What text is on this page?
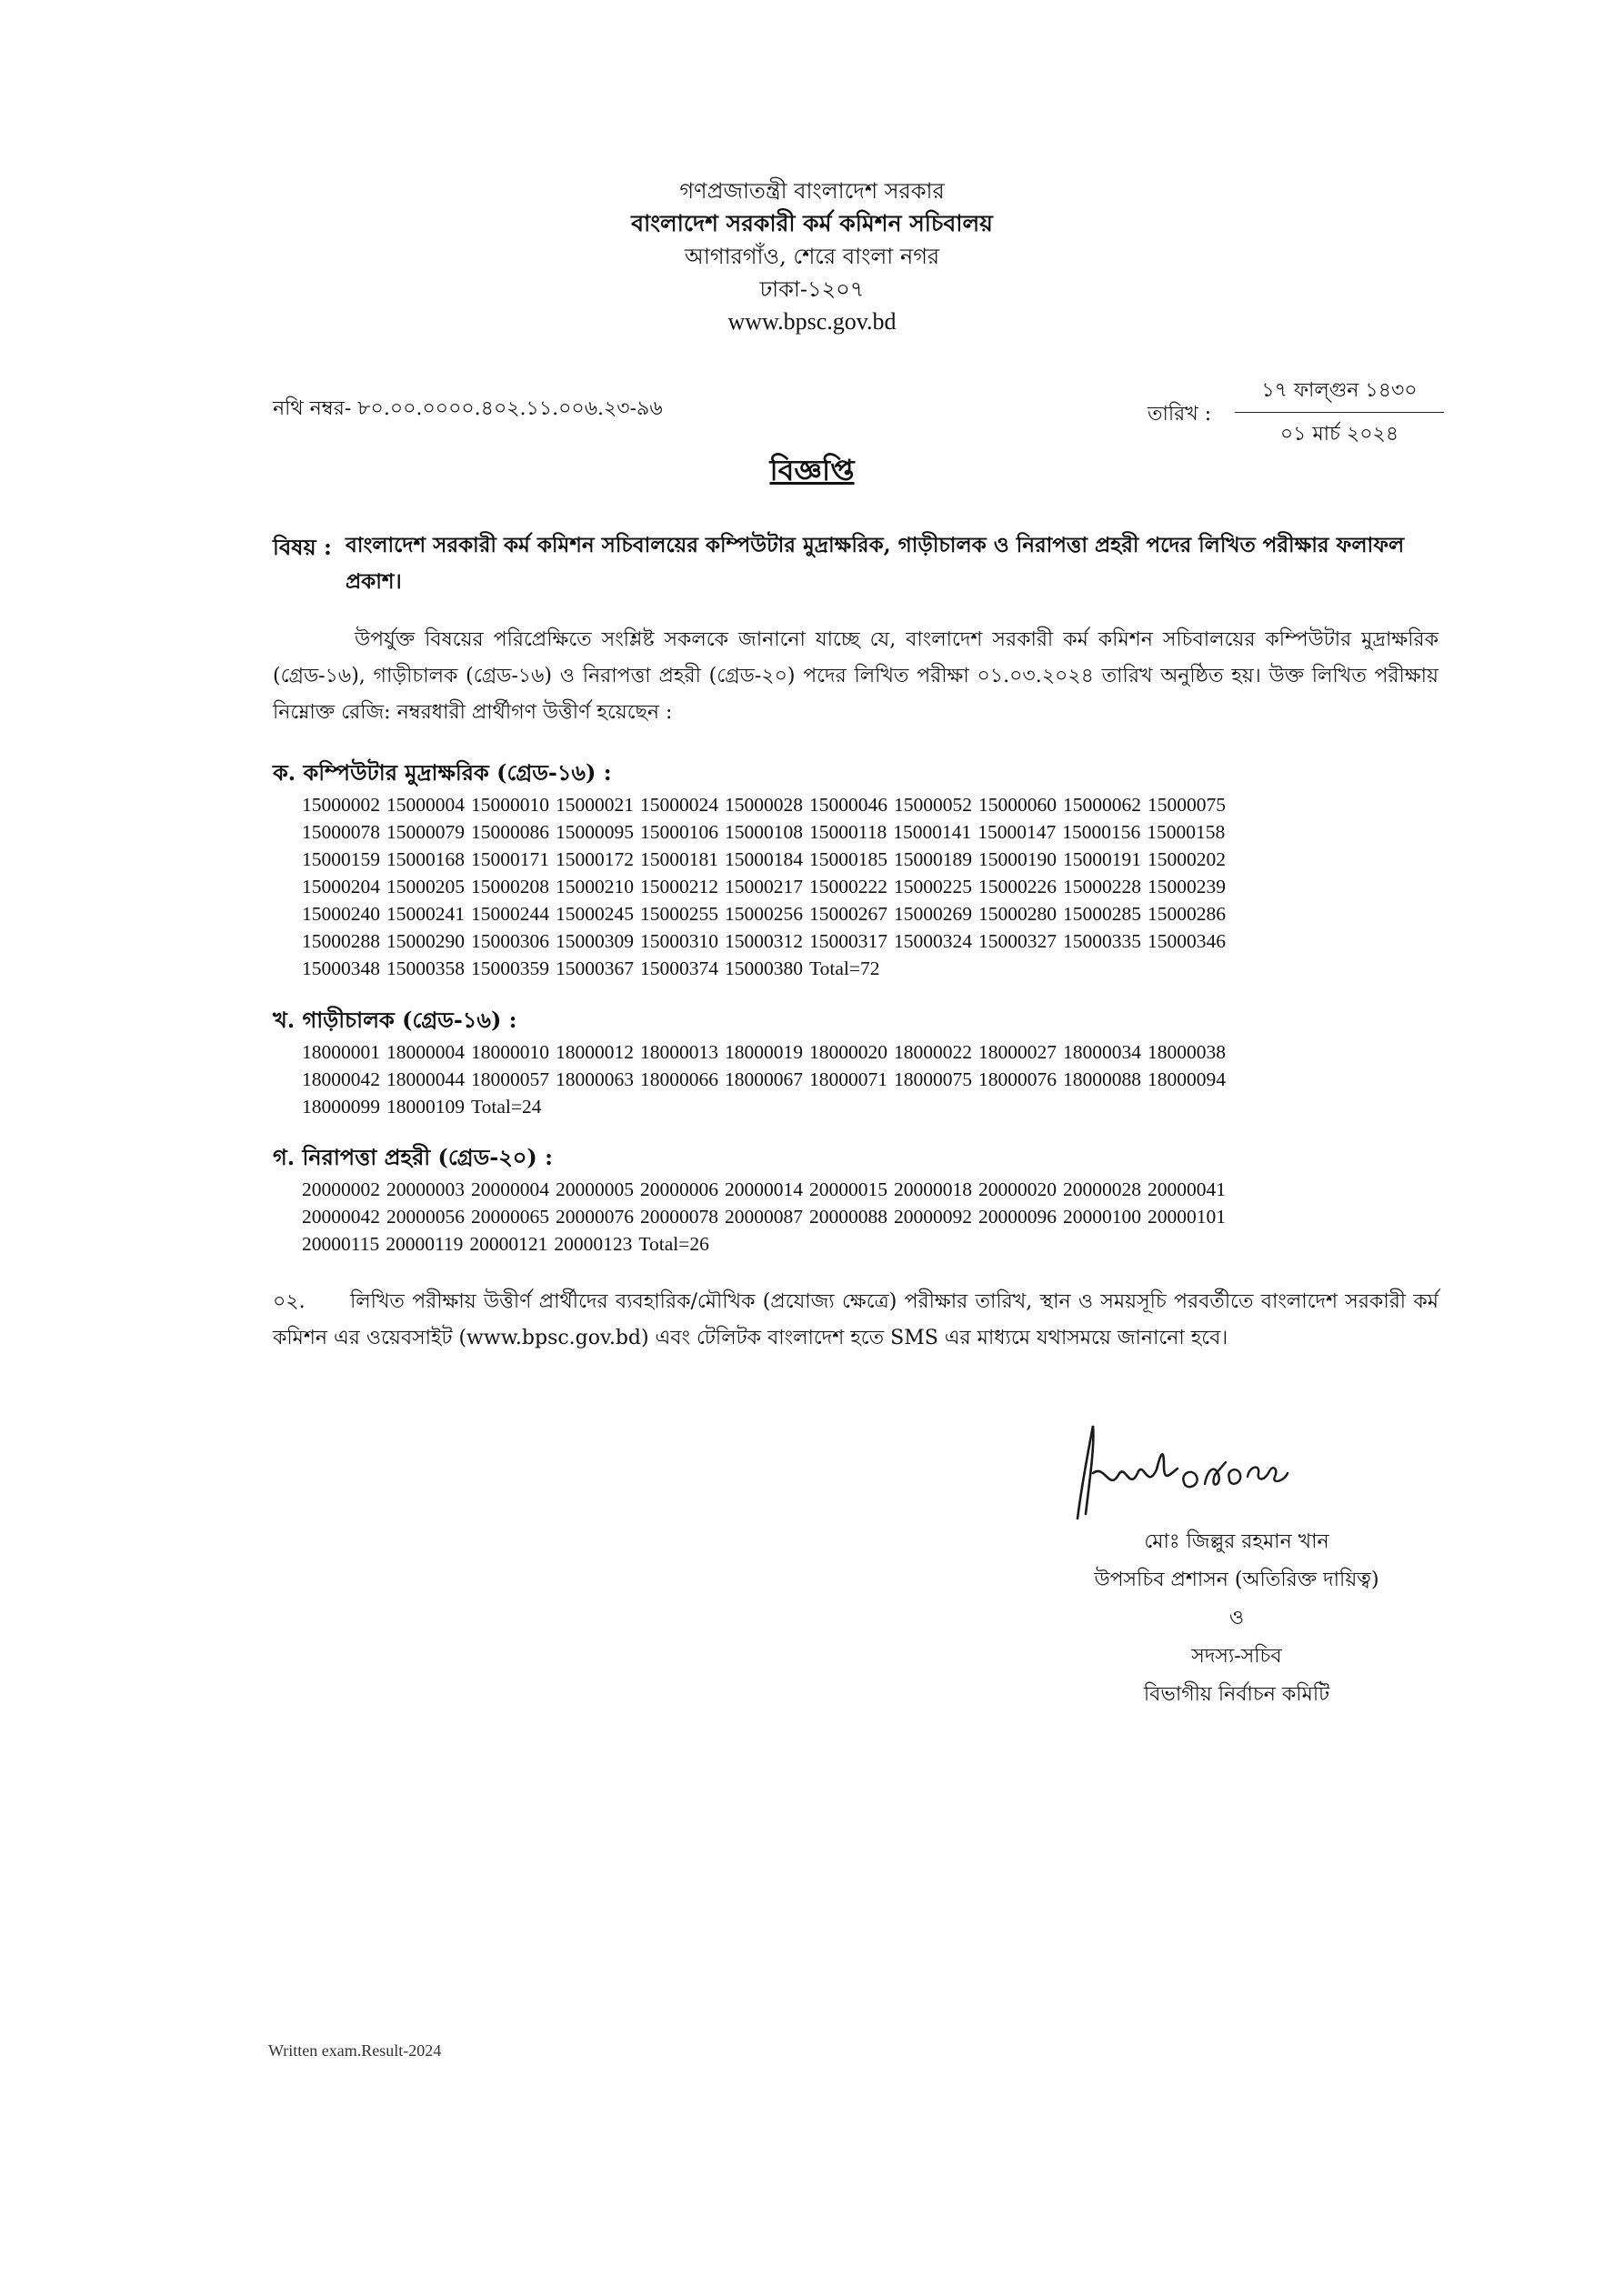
গণপ্রজাতন্ত্রী বাংলাদেশ সরকার
বাংলাদেশ সরকারী কর্ম কমিশন সচিবালয়
আগারগাঁও, শেরে বাংলা নগর
ঢাকা-১২০৭
www.bpsc.gov.bd
নথি নম্বর- ৮০.০০.০০০০.৪০২.১১.০০৬.২৩-৯৬	তারিখ :
১৭ ফাল্গুন ১৪৩০
০১ মার্চ ২০২৪
বিজ্ঞপ্তি
বিষয় : বাংলাদেশ সরকারী কর্ম কমিশন সচিবালয়ের কম্পিউটার মুদ্রাক্ষরিক, গাড়ীচালক ও নিরাপত্তা প্রহরী পদের লিখিত পরীক্ষার ফলাফল প্রকাশ।
উপর্যুক্ত বিষয়ের পরিপ্রেক্ষিতে সংশ্লিষ্ট সকলকে জানানো যাচ্ছে যে, বাংলাদেশ সরকারী কর্ম কমিশন সচিবালয়ের কম্পিউটার মুদ্রাক্ষরিক (গ্রেড-১৬), গাড়ীচালক (গ্রেড-১৬) ও নিরাপত্তা প্রহরী (গ্রেড-২০) পদের লিখিত পরীক্ষা ০১.০৩.২০২৪ তারিখ অনুষ্ঠিত হয়। উক্ত লিখিত পরীক্ষায় নিম্নোক্ত রেজি: নম্বরধারী প্রার্থীগণ উত্তীর্ণ হয়েছেন :
ক. কম্পিউটার মুদ্রাক্ষরিক (গ্রেড-১৬) :
15000002 15000004 15000010 15000021 15000024 15000028 15000046 15000052 15000060 15000062 15000075
15000078 15000079 15000086 15000095 15000106 15000108 15000118 15000141 15000147 15000156 15000158
15000159 15000168 15000171 15000172 15000181 15000184 15000185 15000189 15000190 15000191 15000202
15000204 15000205 15000208 15000210 15000212 15000217 15000222 15000225 15000226 15000228 15000239
15000240 15000241 15000244 15000245 15000255 15000256 15000267 15000269 15000280 15000285 15000286
15000288 15000290 15000306 15000309 15000310 15000312 15000317 15000324 15000327 15000335 15000346
15000348 15000358 15000359 15000367 15000374 15000380 Total=72
খ. গাড়ীচালক (গ্রেড-১৬) :
18000001 18000004 18000010 18000012 18000013 18000019 18000020 18000022 18000027 18000034 18000038
18000042 18000044 18000057 18000063 18000066 18000067 18000071 18000075 18000076 18000088 18000094
18000099 18000109 Total=24
গ. নিরাপত্তা প্রহরী (গ্রেড-২০) :
20000002 20000003 20000004 20000005 20000006 20000014 20000015 20000018 20000020 20000028 20000041
20000042 20000056 20000065 20000076 20000078 20000087 20000088 20000092 20000096 20000100 20000101
20000115 20000119 20000121 20000123 Total=26
০২. লিখিত পরীক্ষায় উত্তীর্ণ প্রার্থীদের ব্যবহারিক/মৌখিক (প্রযোজ্য ক্ষেত্রে) পরীক্ষার তারিখ, স্থান ও সময়সূচি পরবর্তীতে বাংলাদেশ সরকারী কর্ম কমিশন এর ওয়েবসাইট (www.bpsc.gov.bd) এবং টেলিটক বাংলাদেশ হতে SMS এর মাধ্যমে যথাসময়ে জানানো হবে।
মোঃ জিল্লুর রহমান খান
উপসচিব প্রশাসন (অতিরিক্ত দায়িত্ব)
ও
সদস্য-সচিব
বিভাগীয় নির্বাচন কমিটি
Written exam.Result-2024
